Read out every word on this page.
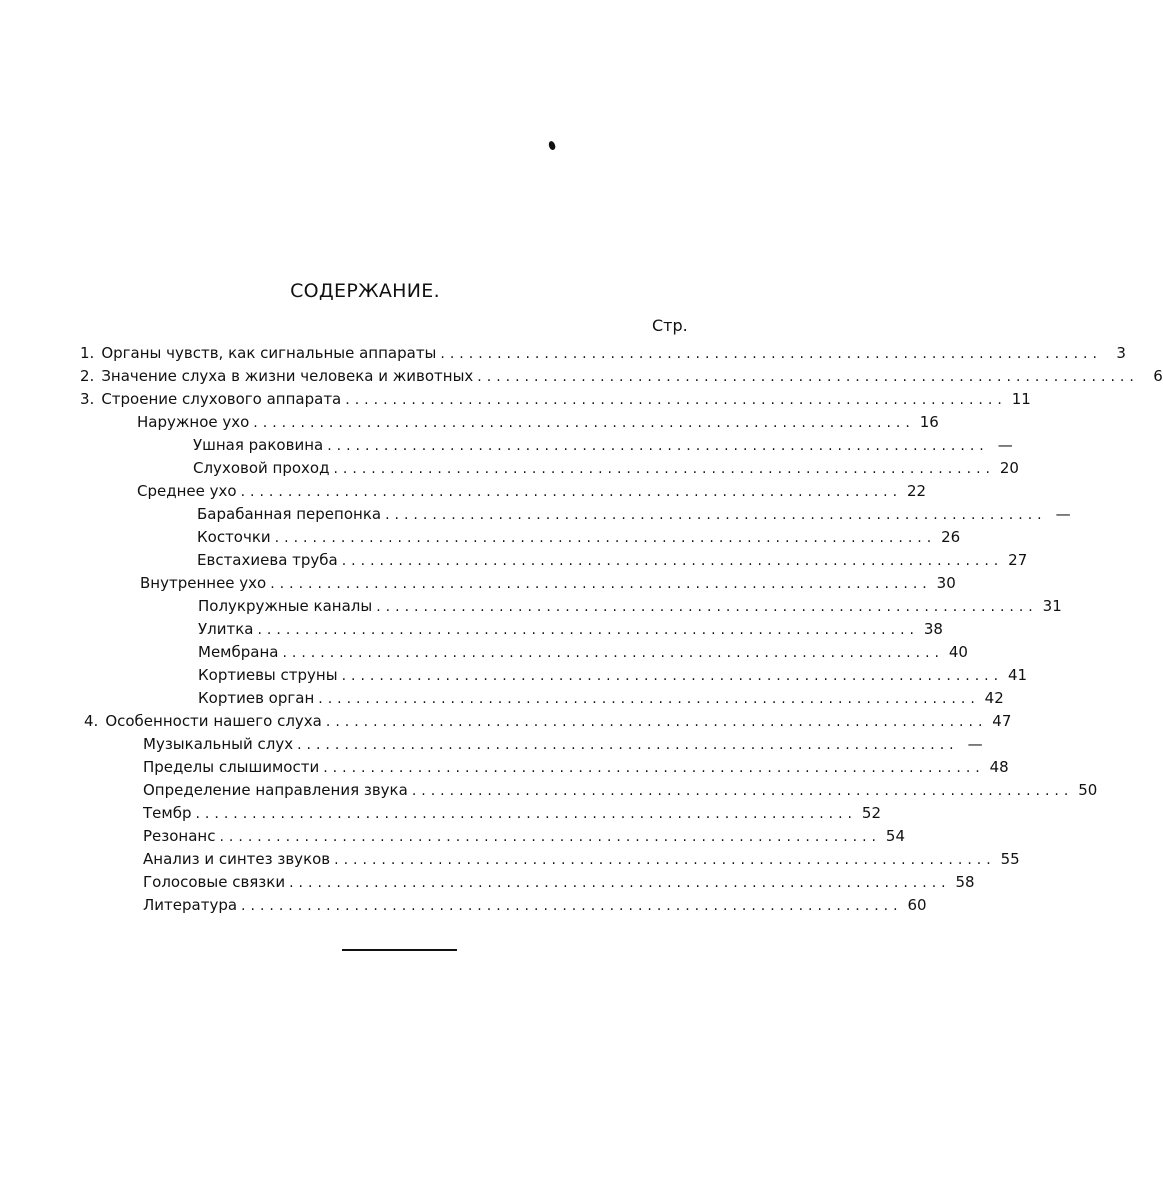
СОДЕРЖАНИЕ.
Стр.
1. Органы чувств, как сигнальные аппараты ...................................................................... 3
2. Значение слуха в жизни человека и животных ...................................................................... 6
3. Строение слухового аппарата ...................................................................... 11
Наружное ухо ...................................................................... 16
Ушная раковина ...................................................................... —
Слуховой проход ...................................................................... 20
Среднее ухо ...................................................................... 22
Барабанная перепонка ...................................................................... —
Косточки ...................................................................... 26
Евстахиева труба ...................................................................... 27
Внутреннее ухо ...................................................................... 30
Полукружные каналы ...................................................................... 31
Улитка ...................................................................... 38
Мембрана ...................................................................... 40
Кортиевы струны ...................................................................... 41
Кортиев орган ...................................................................... 42
4. Особенности нашего слуха ...................................................................... 47
Музыкальный слух ...................................................................... —
Пределы слышимости ...................................................................... 48
Определение направления звука ...................................................................... 50
Тембр ...................................................................... 52
Резонанс ...................................................................... 54
Анализ и синтез звуков ...................................................................... 55
Голосовые связки ...................................................................... 58
Литература ...................................................................... 60
